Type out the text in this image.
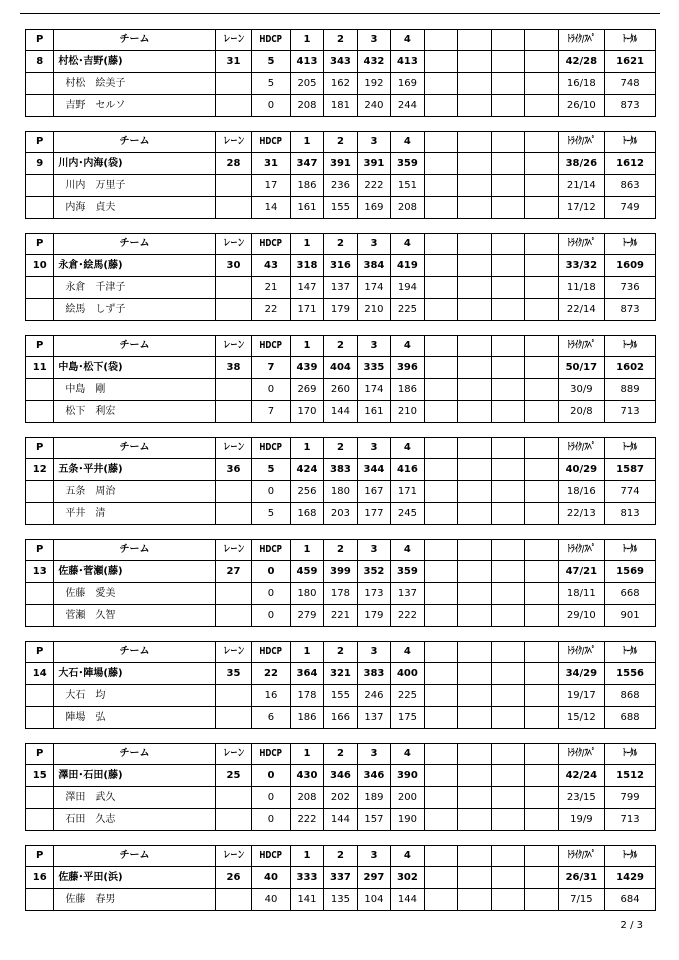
P	チーム	レーン	HDCP	1	2	3	4					ﾄﾗｲｸ/ｽﾍﾟ	ﾄｰﾀﾙ
8	村松･吉野(藤)	31	5	413	343	432	413					42/28	1621
	村松　絵美子		5	205	162	192	169					16/18	748
	吉野　セルソ		0	208	181	240	244					26/10	873
P	チーム	レーン	HDCP	1	2	3	4					ﾄﾗｲｸ/ｽﾍﾟ	ﾄｰﾀﾙ
9	川内･内海(袋)	28	31	347	391	391	359					38/26	1612
	川内　万里子		17	186	236	222	151					21/14	863
	内海　貞夫		14	161	155	169	208					17/12	749
P	チーム	レーン	HDCP	1	2	3	4					ﾄﾗｲｸ/ｽﾍﾟ	ﾄｰﾀﾙ
10	永倉･絵馬(藤)	30	43	318	316	384	419					33/32	1609
	永倉　千津子		21	147	137	174	194					11/18	736
	絵馬　しず子		22	171	179	210	225					22/14	873
P	チーム	レーン	HDCP	1	2	3	4					ﾄﾗｲｸ/ｽﾍﾟ	ﾄｰﾀﾙ
11	中島･松下(袋)	38	7	439	404	335	396					50/17	1602
	中島　剛		0	269	260	174	186					30/9	889
	松下　利宏		7	170	144	161	210					20/8	713
P	チーム	レーン	HDCP	1	2	3	4					ﾄﾗｲｸ/ｽﾍﾟ	ﾄｰﾀﾙ
12	五条･平井(藤)	36	5	424	383	344	416					40/29	1587
	五条　周治		0	256	180	167	171					18/16	774
	平井　清		5	168	203	177	245					22/13	813
P	チーム	レーン	HDCP	1	2	3	4					ﾄﾗｲｸ/ｽﾍﾟ	ﾄｰﾀﾙ
13	佐藤･菅瀬(藤)	27	0	459	399	352	359					47/21	1569
	佐藤　愛美		0	180	178	173	137					18/11	668
	菅瀬　久智		0	279	221	179	222					29/10	901
P	チーム	レーン	HDCP	1	2	3	4					ﾄﾗｲｸ/ｽﾍﾟ	ﾄｰﾀﾙ
14	大石･陣場(藤)	35	22	364	321	383	400					34/29	1556
	大石　均		16	178	155	246	225					19/17	868
	陣場　弘		6	186	166	137	175					15/12	688
P	チーム	レーン	HDCP	1	2	3	4					ﾄﾗｲｸ/ｽﾍﾟ	ﾄｰﾀﾙ
15	澤田･石田(藤)	25	0	430	346	346	390					42/24	1512
	澤田　武久		0	208	202	189	200					23/15	799
	石田　久志		0	222	144	157	190					19/9	713
P	チーム	レーン	HDCP	1	2	3	4					ﾄﾗｲｸ/ｽﾍﾟ	ﾄｰﾀﾙ
16	佐藤･平田(浜)	26	40	333	337	297	302					26/31	1429
	佐藤　春男		40	141	135	104	144					7/15	684
2 / 3
